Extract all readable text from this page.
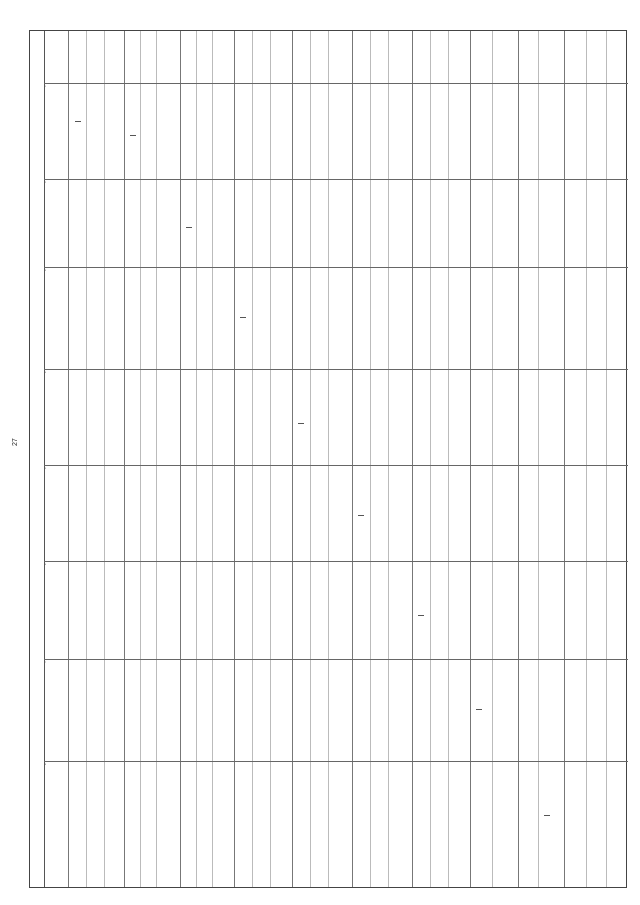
27
1
2
3
4
5
6
7
8
